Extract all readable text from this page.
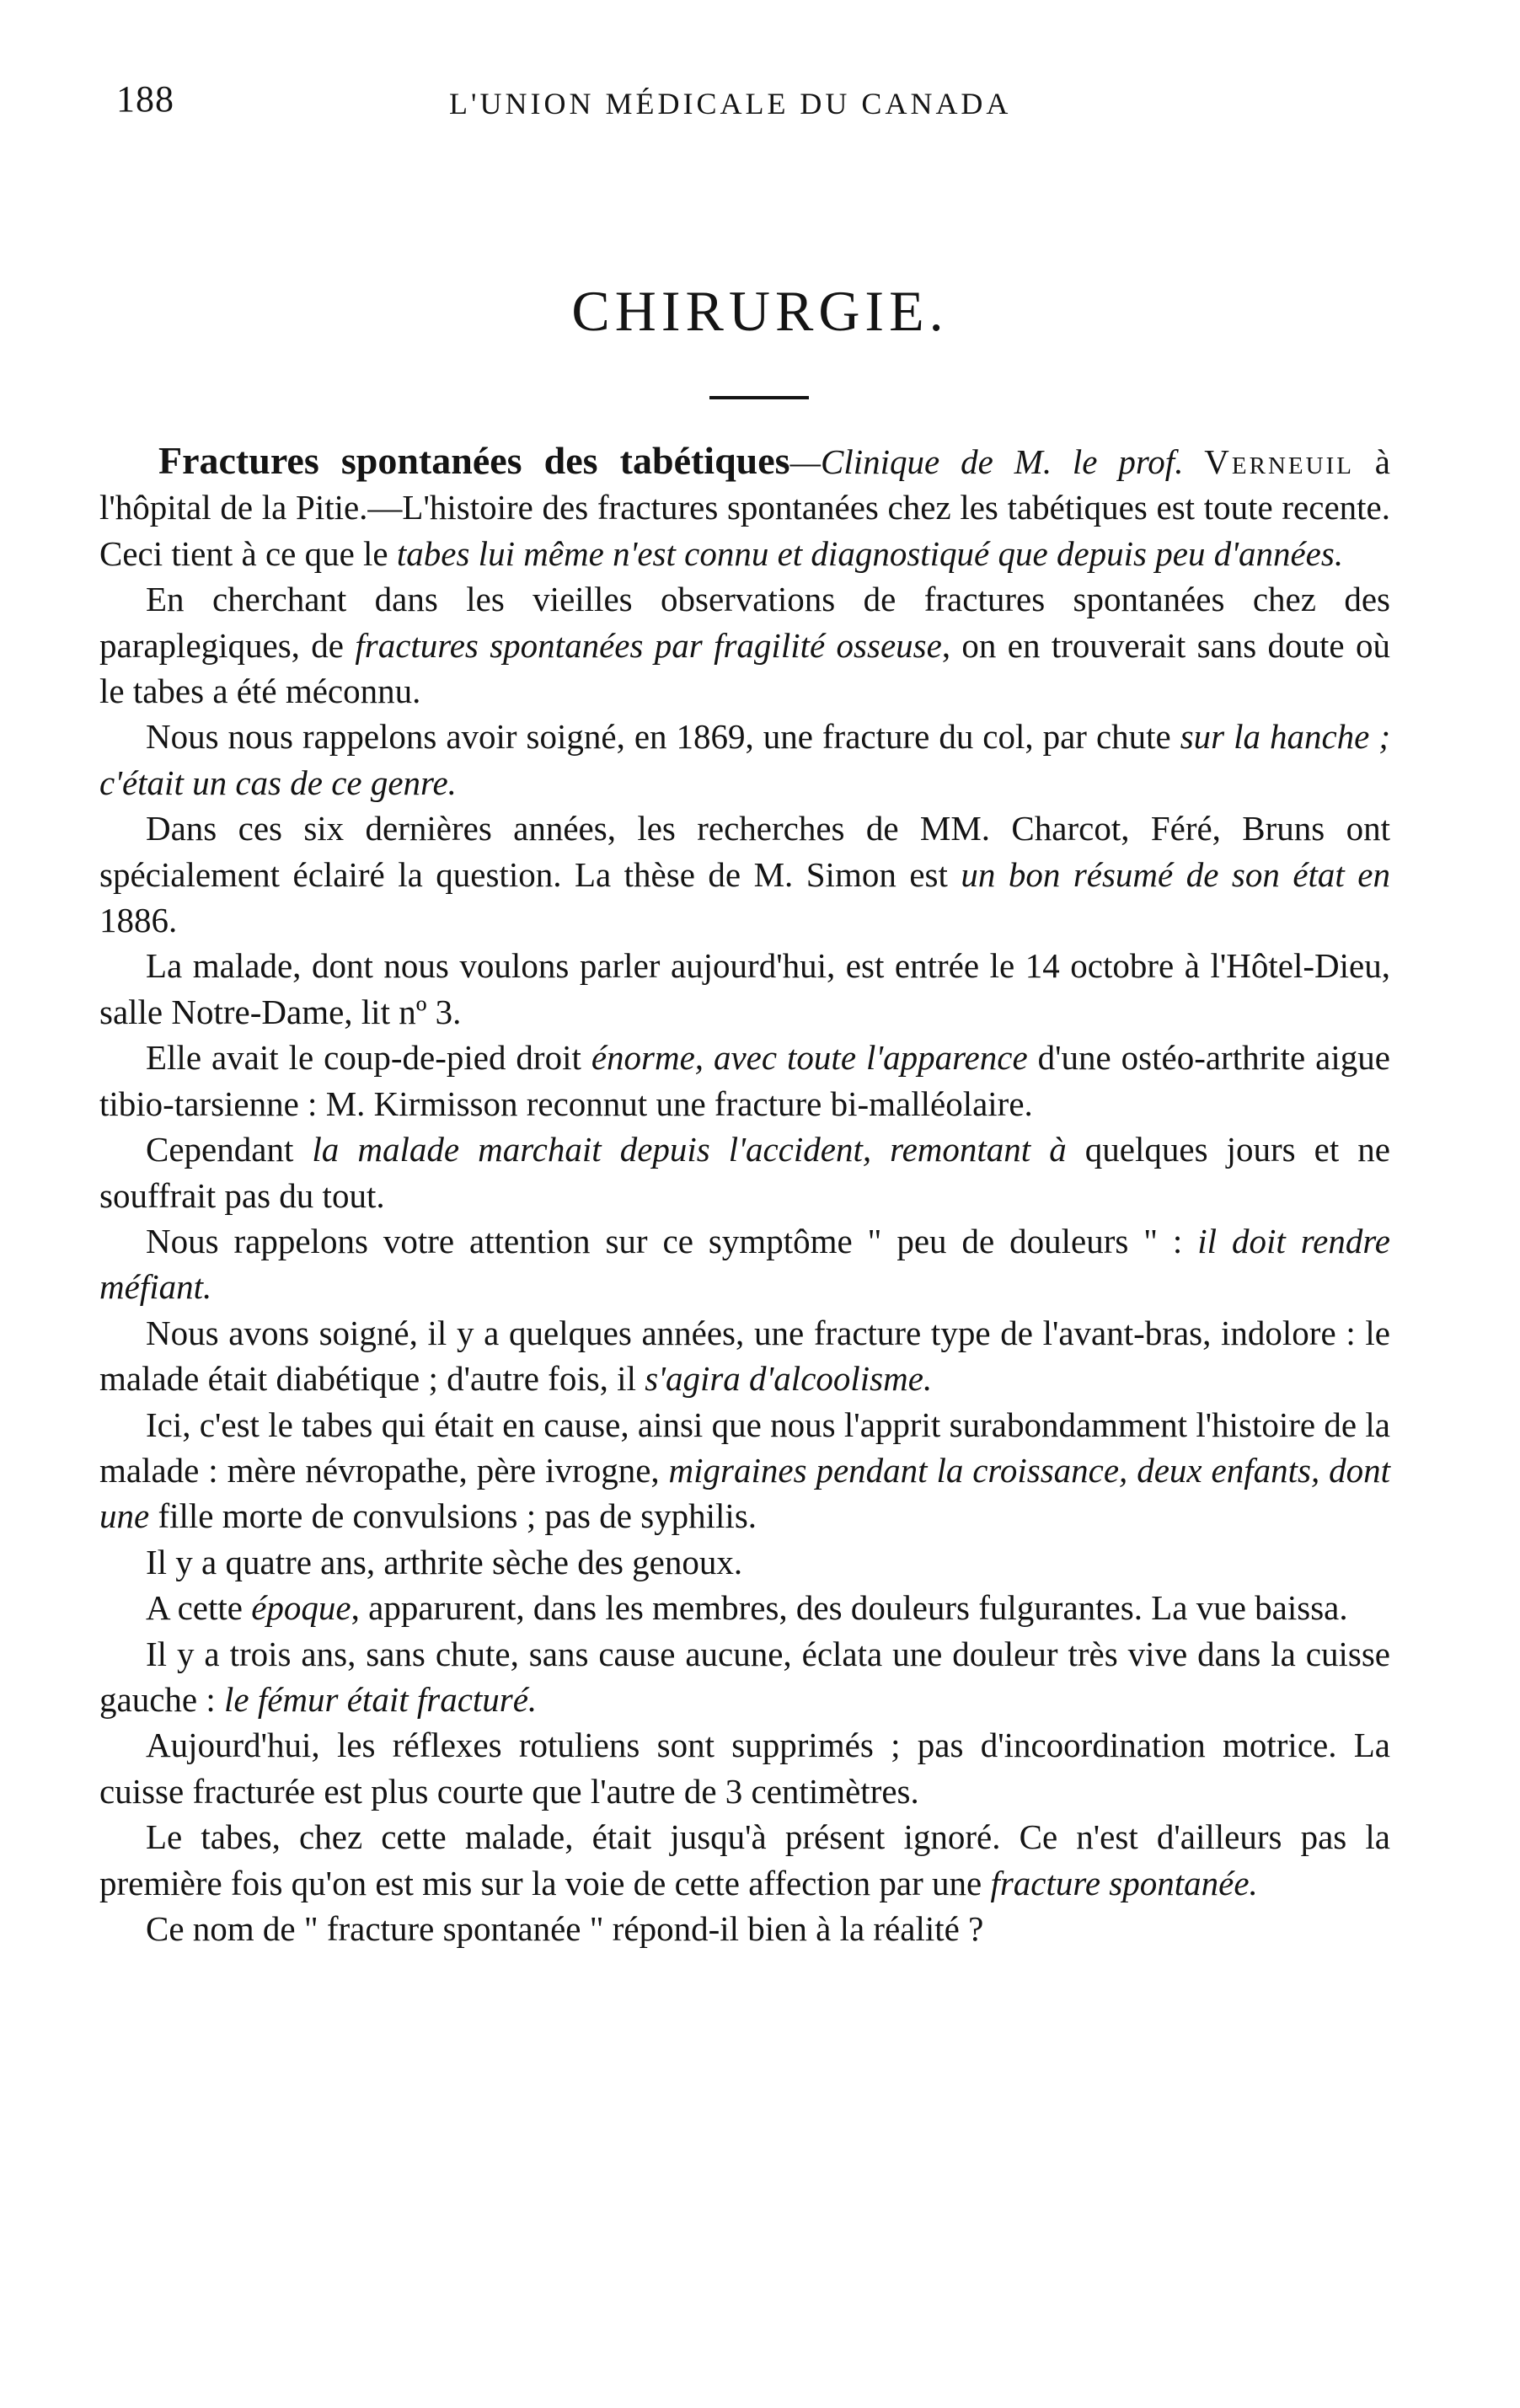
188	L'UNION MÉDICALE DU CANADA
CHIRURGIE.

Fractures spontanées des tabétiques—Clinique de M. le prof. Verneuil à l'hôpital de la Pitie.—L'histoire des fractures spontanées chez les tabétiques est toute recente. Ceci tient à ce que le tabes lui même n'est connu et diagnostiqué que depuis peu d'années.

En cherchant dans les vieilles observations de fractures spontanées chez des paraplegiques, de fractures spontanées par fragilité osseuse, on en trouverait sans doute où le tabes a été méconnu.

Nous nous rappelons avoir soigné, en 1869, une fracture du col, par chute sur la hanche ; c'était un cas de ce genre.

Dans ces six dernières années, les recherches de MM. Charcot, Féré, Bruns ont spécialement éclairé la question. La thèse de M. Simon est un bon résumé de son état en 1886.

La malade, dont nous voulons parler aujourd'hui, est entrée le 14 octobre à l'Hôtel-Dieu, salle Notre-Dame, lit nº 3.

Elle avait le coup-de-pied droit énorme, avec toute l'apparence d'une ostéo-arthrite aigue tibio-tarsienne : M. Kirmisson reconnut une fracture bi-malléolaire.

Cependant la malade marchait depuis l'accident, remontant à quelques jours et ne souffrait pas du tout.

Nous rappelons votre attention sur ce symptôme " peu de douleurs " : il doit rendre méfiant.

Nous avons soigné, il y a quelques années, une fracture type de l'avant-bras, indolore : le malade était diabétique ; d'autre fois, il s'agira d'alcoolisme.

Ici, c'est le tabes qui était en cause, ainsi que nous l'apprit surabondamment l'histoire de la malade : mère névropathe, père ivrogne, migraines pendant la croissance, deux enfants, dont une fille morte de convulsions ; pas de syphilis.

Il y a quatre ans, arthrite sèche des genoux.

A cette époque, apparurent, dans les membres, des douleurs fulgurantes. La vue baissa.

Il y a trois ans, sans chute, sans cause aucune, éclata une douleur très vive dans la cuisse gauche : le fémur était fracturé.

Aujourd'hui, les réflexes rotuliens sont supprimés ; pas d'incoordination motrice. La cuisse fracturée est plus courte que l'autre de 3 centimètres.

Le tabes, chez cette malade, était jusqu'à présent ignoré. Ce n'est d'ailleurs pas la première fois qu'on est mis sur la voie de cette affection par une fracture spontanée.

Ce nom de " fracture spontanée " répond-il bien à la réalité ?
